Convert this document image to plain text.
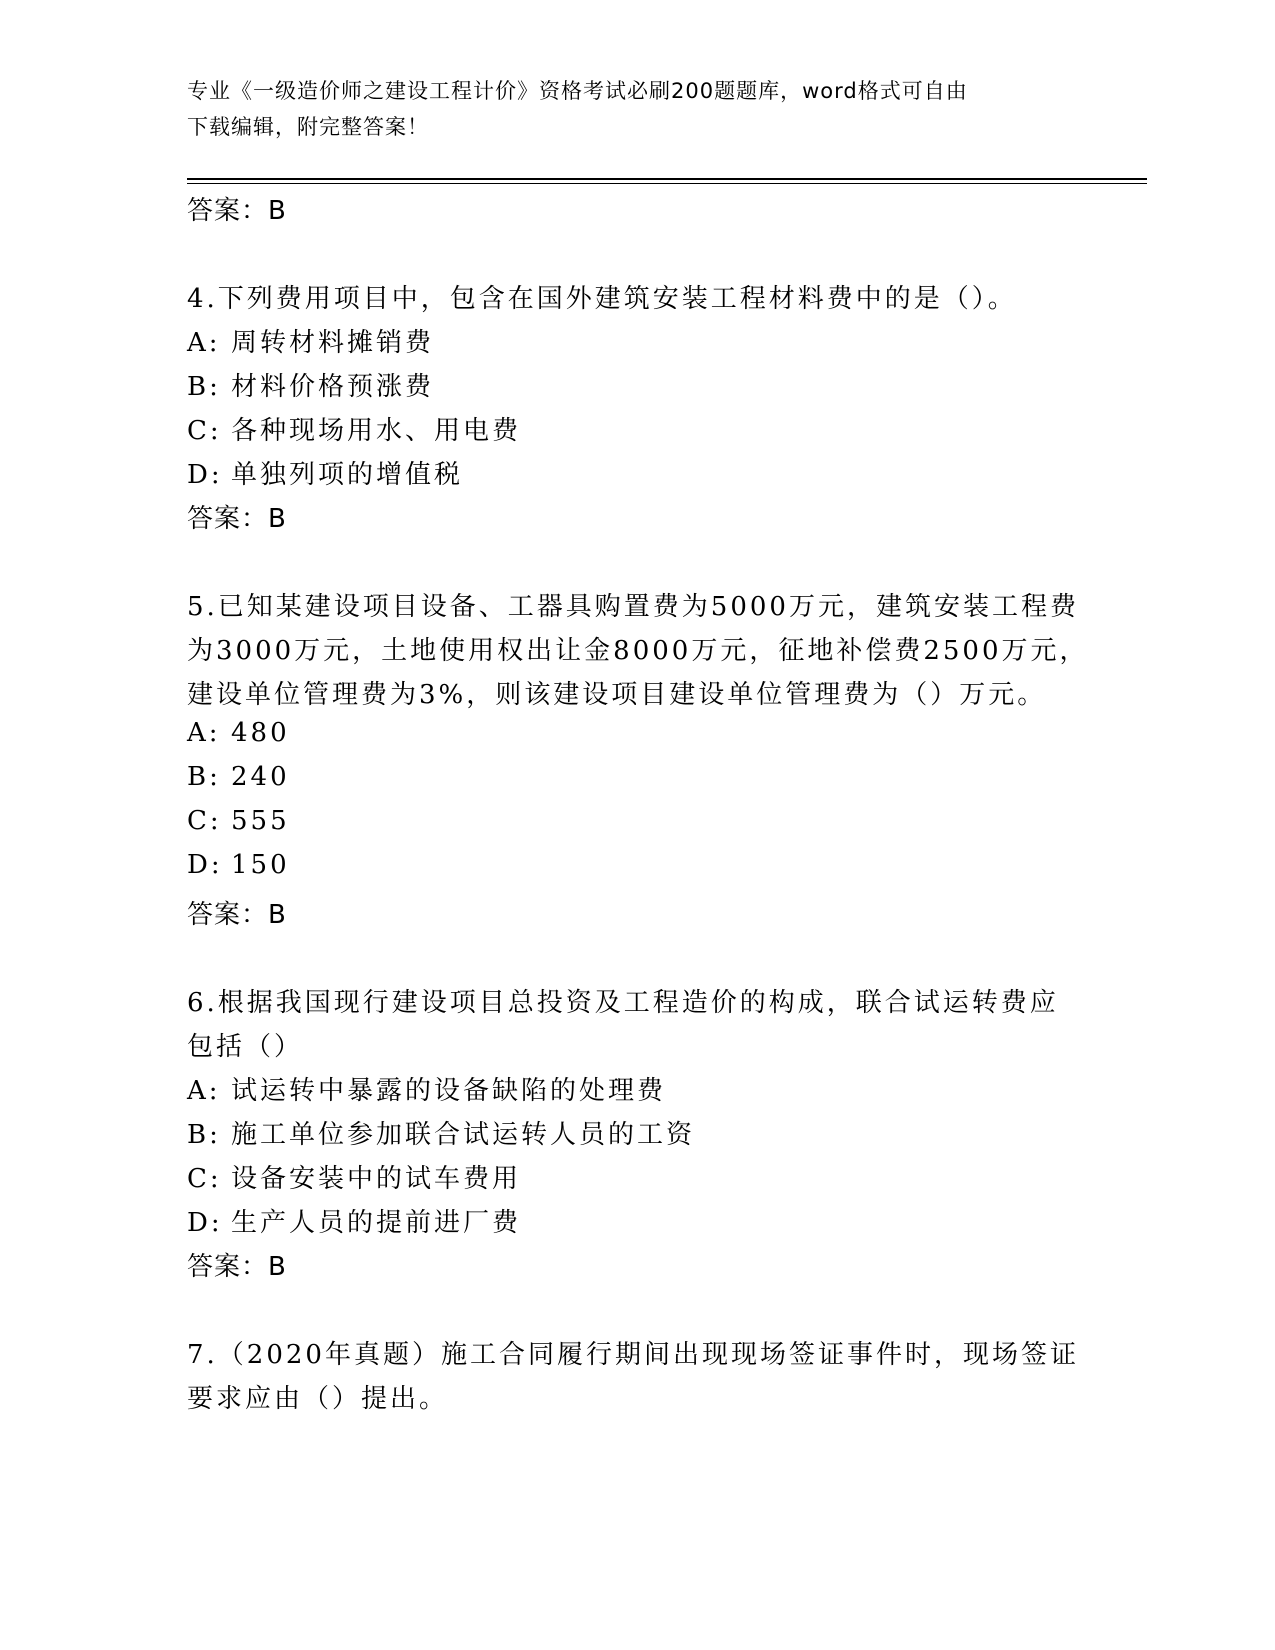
专业《一级造价师之建设工程计价》资格考试必刷200题题库，word格式可自由
下载编辑，附完整答案！
答案：B
4.下列费用项目中，包含在国外建筑安装工程材料费中的是（）。
A: 周转材料摊销费
B: 材料价格预涨费
C: 各种现场用水、用电费
D: 单独列项的增值税
答案：B
5.已知某建设项目设备、工器具购置费为5000万元，建筑安装工程费
为3000万元，土地使用权出让金8000万元，征地补偿费2500万元，
建设单位管理费为3%，则该建设项目建设单位管理费为（）万元。
A: 480
B: 240
C: 555
D: 150
答案：B
6.根据我国现行建设项目总投资及工程造价的构成，联合试运转费应
包括（）
A: 试运转中暴露的设备缺陷的处理费
B: 施工单位参加联合试运转人员的工资
C: 设备安装中的试车费用
D: 生产人员的提前进厂费
答案：B
7.（2020年真题）施工合同履行期间出现现场签证事件时，现场签证
要求应由（）提出。
